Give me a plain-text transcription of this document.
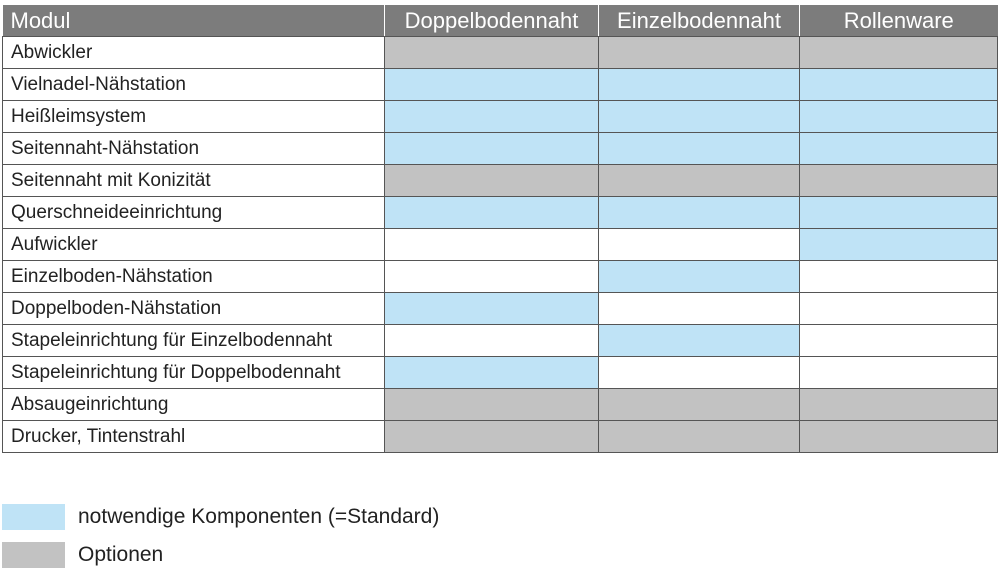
Modul	Doppelbodennaht	Einzelbodennaht	Rollenware
Abwickler			
Vielnadel-Nähstation			
Heißleimsystem			
Seitennaht-Nähstation			
Seitennaht mit Konizität			
Querschneideeinrichtung			
Aufwickler			
Einzelboden-Nähstation			
Doppelboden-Nähstation			
Stapeleinrichtung für Einzelbodennaht			
Stapeleinrichtung für Doppelbodennaht			
Absaugeinrichtung			
Drucker, Tintenstrahl			
notwendige Komponenten (=Standard)
Optionen
